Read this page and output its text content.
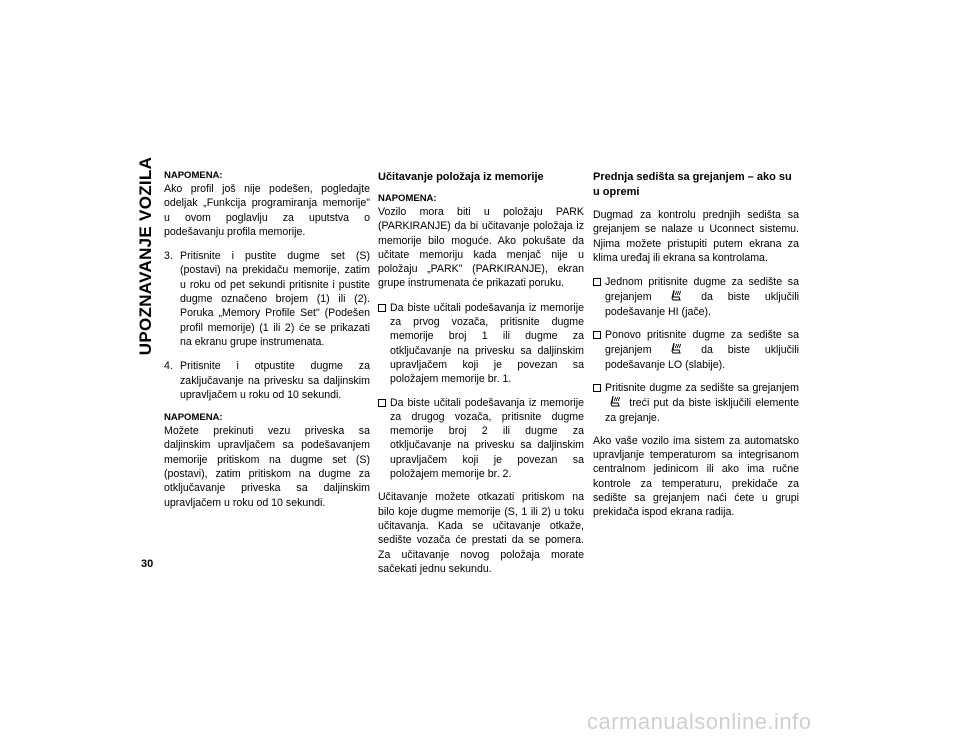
UPOZNAVANJE VOZILA NAPOMENA:

Ako profil još nije podešen, pogledajte odeljak „Funkcija programiranja memorije" u ovom poglavlju za uputstva o podešavanju profila memorije.

3. Pritisnite i pustite dugme set (S) (postavi) na prekidaču memorije, zatim u roku od pet sekundi pritisnite i pustite dugme označeno brojem (1) ili (2). Poruka „Memory Profile Set" (Podešen profil memorije) (1 ili 2) će se prikazati na ekranu grupe instrumenata.
4. Pritisnite i otpustite dugme za zaključavanje na privesku sa daljinskim upravljačem u roku od 10 sekundi.
NAPOMENA:

Možete prekinuti vezu priveska sa daljinskim upravljačem sa podešavanjem memorije pritiskom na dugme set (S) (postavi), zatim pritiskom na dugme za otključavanje priveska sa daljinskim upravljačem u roku od 10 sekundi.

Učitavanje položaja iz memorije
NAPOMENA:

Vozilo mora biti u položaju PARK (PARKIRANJE) da bi učitavanje položaja iz memorije bilo moguće. Ako pokušate da učitate memoriju kada menjač nije u položaju „PARK" (PARKIRANJE), ekran grupe instrumenata će prikazati poruku.

Da biste učitali podešavanja iz memorije za prvog vozača, pritisnite dugme memorije broj 1 ili dugme za otključavanje na privesku sa daljinskim upravljačem koji je povezan sa položajem memorije br. 1.
Da biste učitali podešavanja iz memorije za drugog vozača, pritisnite dugme memorije broj 2 ili dugme za otključavanje na privesku sa daljinskim upravljačem koji je povezan sa položajem memorije br. 2.

Učitavanje možete otkazati pritiskom na bilo koje dugme memorije (S, 1 ili 2) u toku učitavanja. Kada se učitavanje otkaže, sedište vozača će prestati da se pomera. Za učitavanje novog položaja morate sačekati jednu sekundu.

Prednja sedišta sa grejanjem – ako su u opremi

Dugmad za kontrolu prednjih sedišta sa grejanjem se nalaze u Uconnect sistemu. Njima možete pristupiti putem ekrana za klima uređaj ili ekrana sa kontrolama.

Jednom pritisnite dugme za sedište sa grejanjem	da biste uključili podešavanje HI (jače).
Ponovo pritisnite dugme za sedište sa grejanjem	da biste uključili podešavanje LO (slabije).
Pritisnite dugme za sedište sa grejanjem  treći put da biste isključili elemente za grejanje.

Ako vaše vozilo ima sistem za automatsko upravljanje temperaturom sa integrisanom centralnom jedinicom ili ako ima ručne kontrole za temperaturu, prekidače za sedište sa grejanjem naći ćete u grupi prekidača ispod ekrana radija.

30
carmanualsonline.info
